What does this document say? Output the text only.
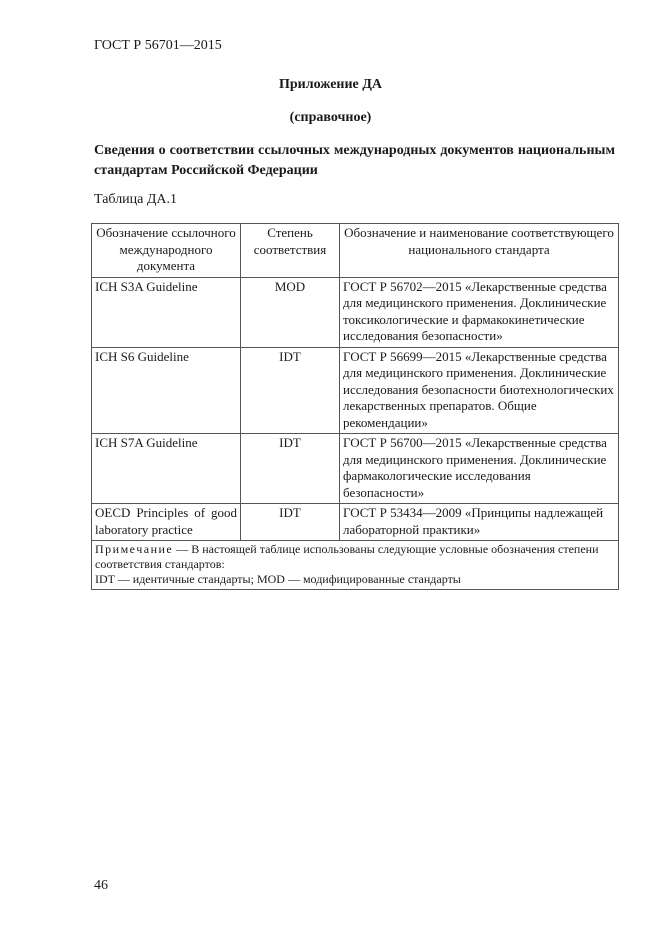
ГОСТ Р 56701—2015
Приложение ДА
(справочное)
Сведения о соответствии ссылочных международных документов национальным стандартам Российской Федерации
Таблица ДА.1
Обозначение ссылочного международного документа	Степень соответствия	Обозначение и наименование соответствующего национального стандарта
ICH S3A Guideline	MOD	ГОСТ Р 56702—2015 «Лекарственные средства для медицинского применения. Доклинические токсикологические и фармакокинетические исследования безопасности»
ICH S6 Guideline	IDT	ГОСТ Р 56699—2015 «Лекарственные средства для медицинского применения. Доклинические исследования безопасности биотехнологических лекарственных препаратов. Общие рекомендации»
ICH S7A Guideline	IDT	ГОСТ Р 56700—2015 «Лекарственные средства для медицинского применения. Доклинические фармакологические исследования безопасности»
OECD Principles of good laboratory practice	IDT	ГОСТ Р 53434—2009 «Принципы надлежащей лабораторной практики»
Примечание — В настоящей таблице использованы следующие условные обозначения степени соответствия стандартов:
IDT — идентичные стандарты; MOD — модифицированные стандарты		
46
